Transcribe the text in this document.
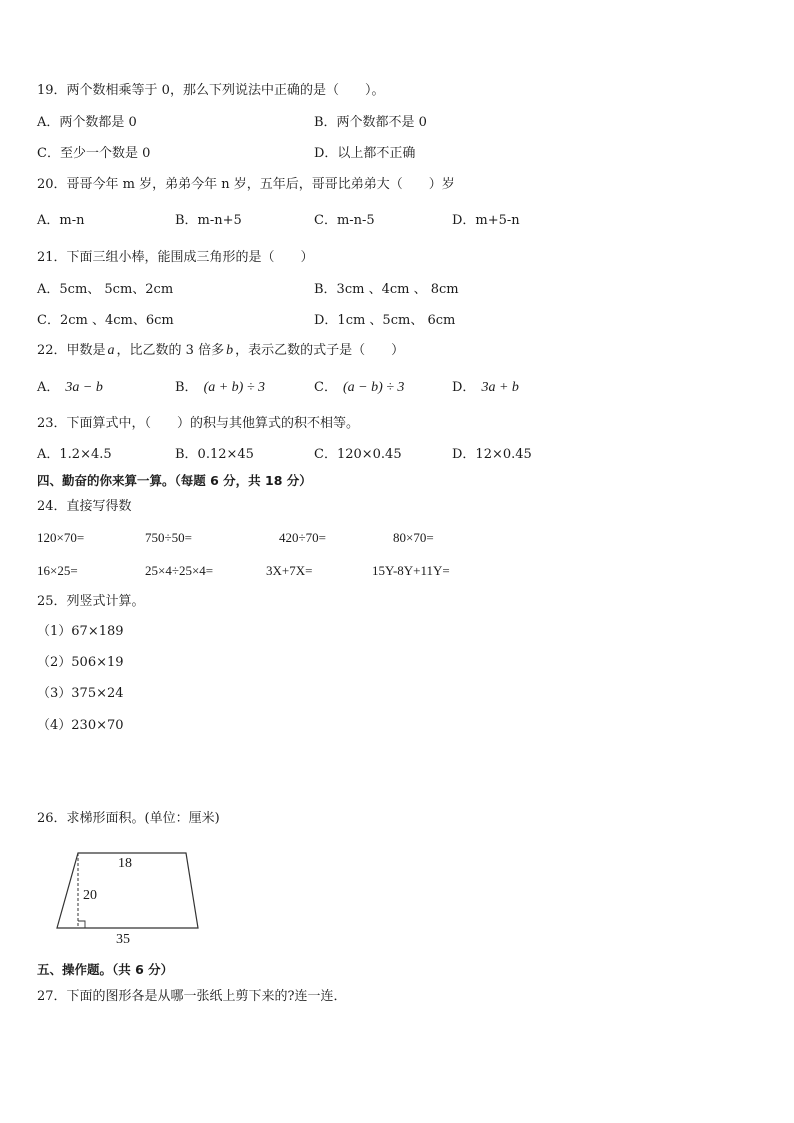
19．两个数相乘等于 0，那么下列说法中正确的是（　　）。
A．两个数都是 0	B．两个数都不是 0
C．至少一个数是 0	D．以上都不正确
20．哥哥今年 m 岁，弟弟今年 n 岁，五年后，哥哥比弟弟大（　　）岁
A．m-n	B．m-n+5	C．m-n-5	D．m+5-n
21．下面三组小棒，能围成三角形的是（　　）
A．5cm、 5cm、2cm	B．3cm 、4cm 、 8cm
C．2cm 、4cm、6cm	D．1cm 、5cm、 6cm
22．甲数是 a ，比乙数的 3 倍多 b ，表示乙数的式子是（　　）
A． 3a − b	B． (a + b) ÷ 3	C． (a − b) ÷ 3	D． 3a + b
23．下面算式中，（　　）的积与其他算式的积不相等。
A．1.2×4.5	B．0.12×45	C．120×0.45	D．12×0.45
四、勤奋的你来算一算。（每题 6 分，共 18 分）
24．直接写得数
120×70=	750÷50=	420÷70=	80×70=
16×25=	25×4÷25×4=	3X+7X=	15Y-8Y+11Y=
25．列竖式计算。
（1）67×189
（2）506×19
（3）375×24
（4）230×70
26．求梯形面积。(单位：厘米)
18
20
35
五、操作题。（共 6 分）
27．下面的图形各是从哪一张纸上剪下来的?连一连．
